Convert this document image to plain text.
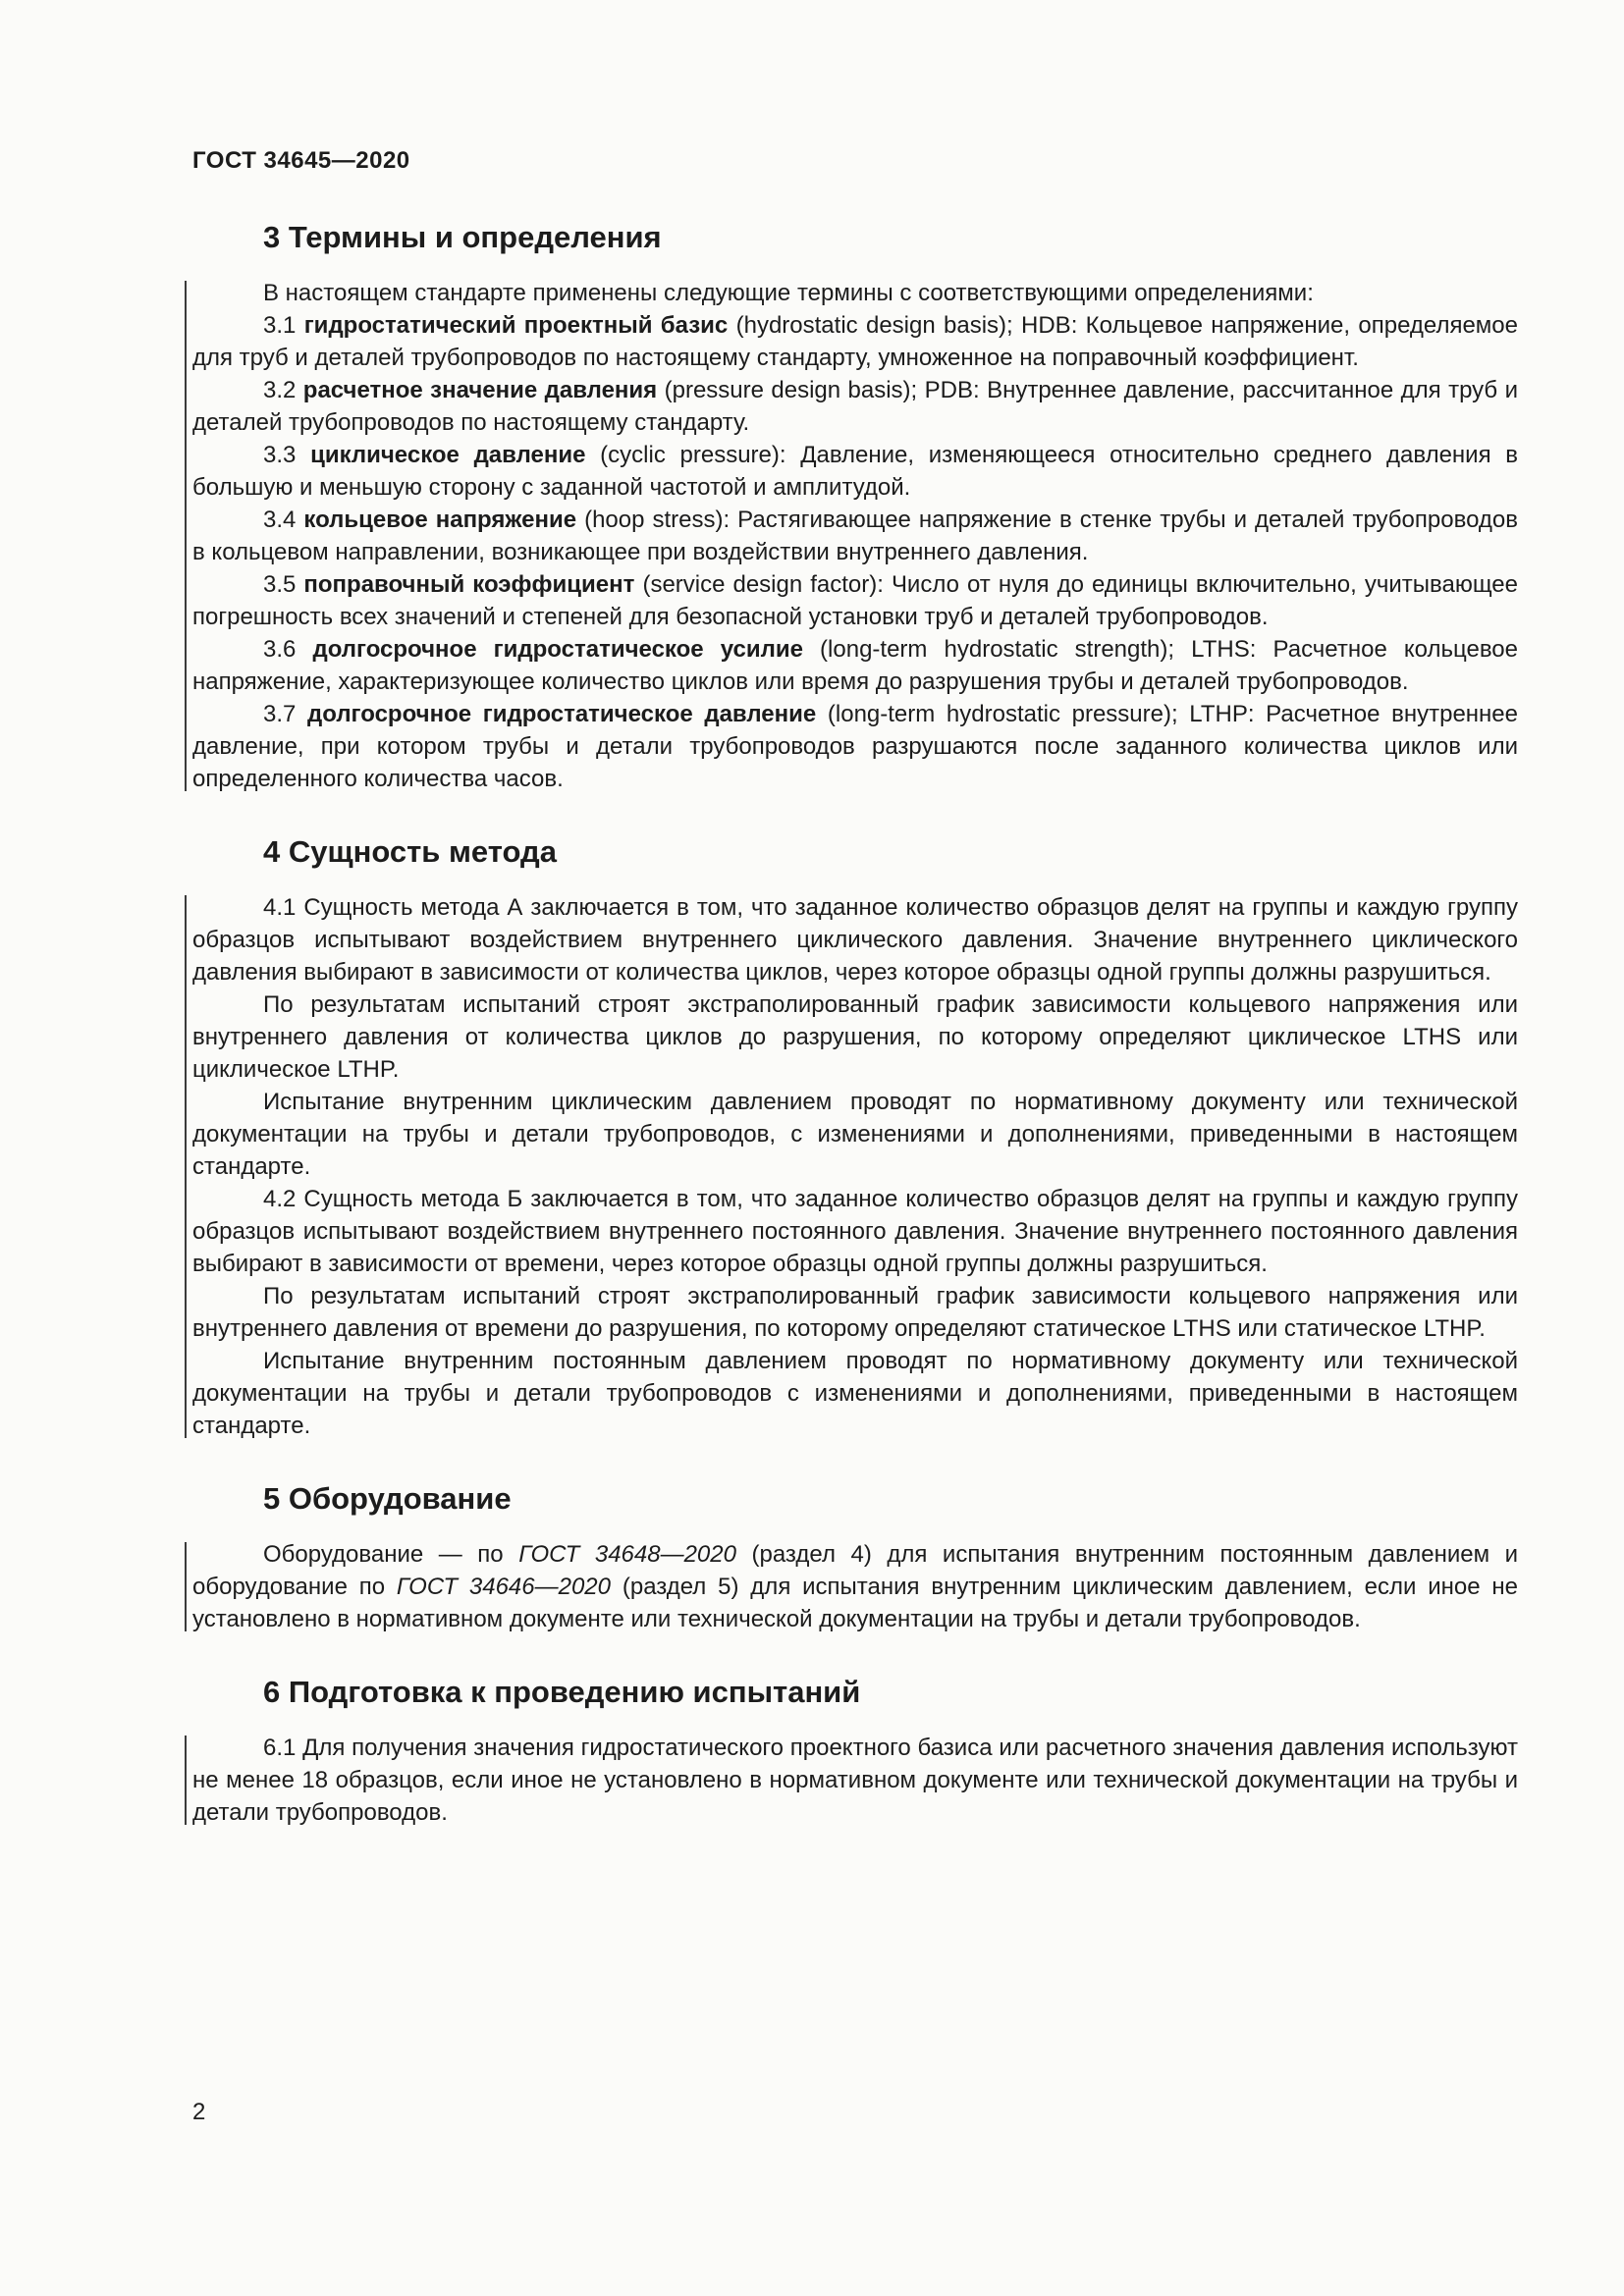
ГОСТ 34645—2020
3 Термины и определения

В настоящем стандарте применены следующие термины с соответствующими определениями:

3.1 гидростатический проектный базис (hydrostatic design basis); HDB: Кольцевое напряжение, определяемое для труб и деталей трубопроводов по настоящему стандарту, умноженное на поправочный коэффициент.

3.2 расчетное значение давления (pressure design basis); PDB: Внутреннее давление, рассчитанное для труб и деталей трубопроводов по настоящему стандарту.

3.3 циклическое давление (cyclic pressure): Давление, изменяющееся относительно среднего давления в большую и меньшую сторону с заданной частотой и амплитудой.

3.4 кольцевое напряжение (hoop stress): Растягивающее напряжение в стенке трубы и деталей трубопроводов в кольцевом направлении, возникающее при воздействии внутреннего давления.

3.5 поправочный коэффициент (service design factor): Число от нуля до единицы включительно, учитывающее погрешность всех значений и степеней для безопасной установки труб и деталей трубопроводов.

3.6 долгосрочное гидростатическое усилие (long-term hydrostatic strength); LTHS: Расчетное кольцевое напряжение, характеризующее количество циклов или время до разрушения трубы и деталей трубопроводов.

3.7 долгосрочное гидростатическое давление (long-term hydrostatic pressure); LTHP: Расчетное внутреннее давление, при котором трубы и детали трубопроводов разрушаются после заданного количества циклов или определенного количества часов.

4 Сущность метода

4.1 Сущность метода А заключается в том, что заданное количество образцов делят на группы и каждую группу образцов испытывают воздействием внутреннего циклического давления. Значение внутреннего циклического давления выбирают в зависимости от количества циклов, через которое образцы одной группы должны разрушиться.

По результатам испытаний строят экстраполированный график зависимости кольцевого напряжения или внутреннего давления от количества циклов до разрушения, по которому определяют циклическое LTHS или циклическое LTHP.

Испытание внутренним циклическим давлением проводят по нормативному документу или технической документации на трубы и детали трубопроводов, с изменениями и дополнениями, приведенными в настоящем стандарте.

4.2 Сущность метода Б заключается в том, что заданное количество образцов делят на группы и каждую группу образцов испытывают воздействием внутреннего постоянного давления. Значение внутреннего постоянного давления выбирают в зависимости от времени, через которое образцы одной группы должны разрушиться.

По результатам испытаний строят экстраполированный график зависимости кольцевого напряжения или внутреннего давления от времени до разрушения, по которому определяют статическое LTHS или статическое LTHP.

Испытание внутренним постоянным давлением проводят по нормативному документу или технической документации на трубы и детали трубопроводов с изменениями и дополнениями, приведенными в настоящем стандарте.

5 Оборудование

Оборудование — по ГОСТ 34648—2020 (раздел 4) для испытания внутренним постоянным давлением и оборудование по ГОСТ 34646—2020 (раздел 5) для испытания внутренним циклическим давлением, если иное не установлено в нормативном документе или технической документации на трубы и детали трубопроводов.

6 Подготовка к проведению испытаний

6.1 Для получения значения гидростатического проектного базиса или расчетного значения давления используют не менее 18 образцов, если иное не установлено в нормативном документе или технической документации на трубы и детали трубопроводов.

2
